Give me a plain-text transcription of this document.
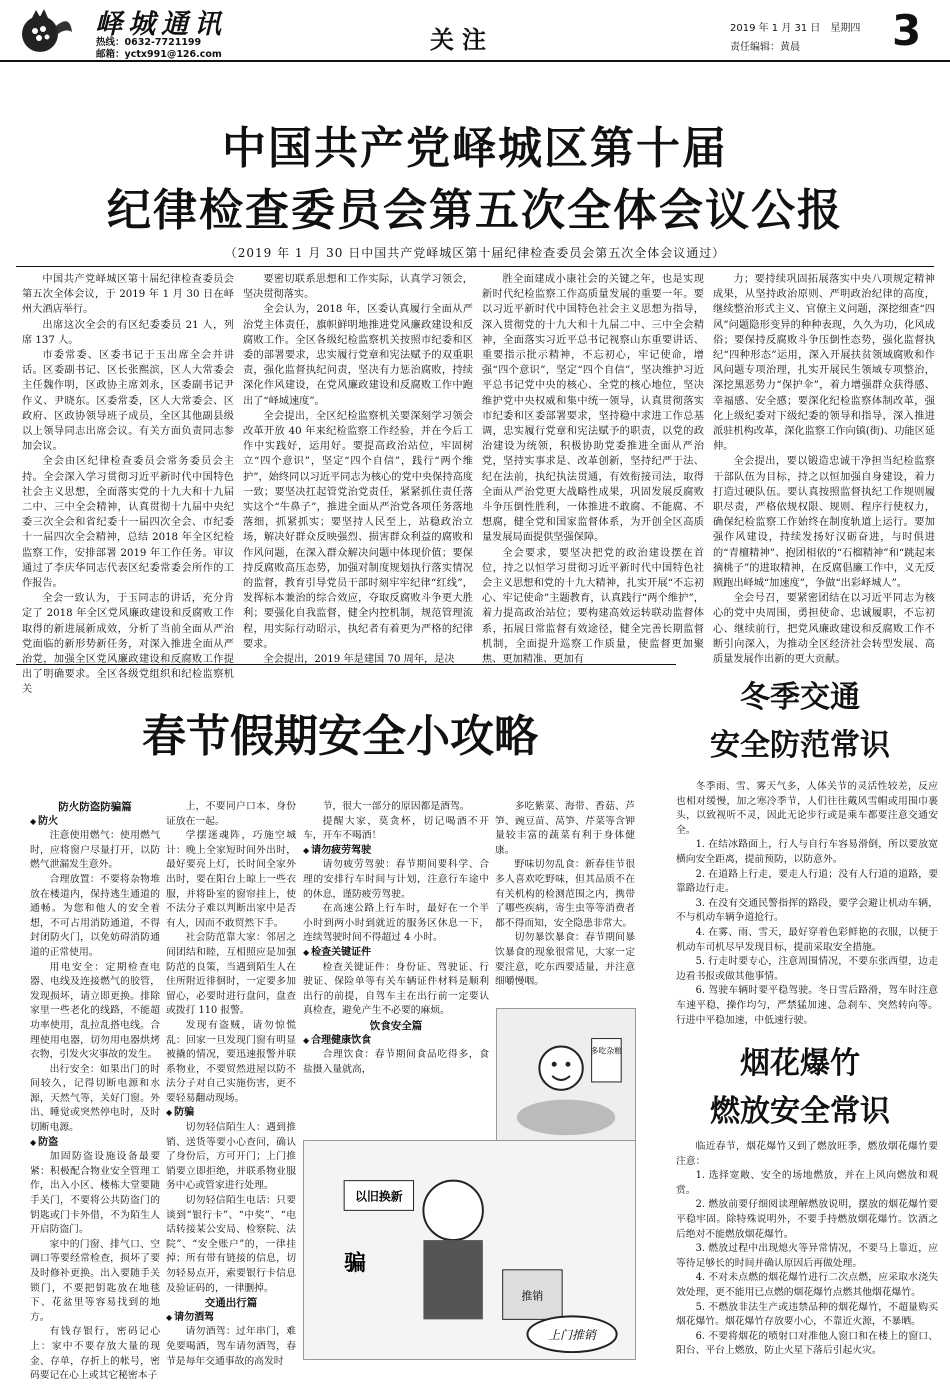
峄城通讯
热线：0632-7721199
邮箱：yctx991@126.com
关注	2019 年 1 月 31 日　星期四
责任编辑：黄晨 3
中国共产党峄城区第十届
纪律检查委员会第五次全体会议公报
（2019 年 1 月 30 日中国共产党峄城区第十届纪律检查委员会第五次全体会议通过）

中国共产党峄城区第十届纪律检查委员会第五次全体会议，于 2019 年 1 月 30 日在峄州大酒店举行。

出席这次全会的有区纪委委员 21 人，列席 137 人。

市委常委、区委书记于玉出席全会并讲话。区委副书记、区长张熙滨，区人大常委会主任魏作明，区政协主席刘永，区委副书记尹作义、尹晓东。区委常委，区人大常委会、区政府、区政协领导班子成员，全区其他副县级以上领导同志出席会议。有关方面负责同志参加会议。

全会由区纪律检查委员会常务委员会主持。全会深入学习贯彻习近平新时代中国特色社会主义思想，全面落实党的十九大和十九届二中、三中全会精神，认真贯彻十九届中央纪委三次全会和省纪委十一届四次全会、市纪委十一届四次全会精神，总结 2018 年全区纪检监察工作，安排部署 2019 年工作任务。审议通过了李庆华同志代表区纪委常委会所作的工作报告。

全会一致认为，于玉同志的讲话，充分肯定了 2018 年全区党风廉政建设和反腐败工作取得的新进展新成效，分析了当前全面从严治党面临的新形势新任务，对深入推进全面从严治党，加强全区党风廉政建设和反腐败工作提出了明确要求。全区各级党组织和纪检监察机关

要密切联系思想和工作实际，认真学习领会，坚决贯彻落实。

全会认为，2018 年，区委认真履行全面从严治党主体责任，旗帜鲜明地推进党风廉政建设和反腐败工作。全区各级纪检监察机关按照市纪委和区委的部署要求，忠实履行党章和宪法赋予的双重职责，强化监督执纪问责，坚决有力惩治腐败，持续深化作风建设，在党风廉政建设和反腐败工作中跑出了“峄城速度”。

全会提出，全区纪检监察机关要深刻学习领会改革开放 40 年来纪检监察工作经验，并在今后工作中实践好，运用好。要提高政治站位，牢固树立“四个意识”，坚定“四个自信”，践行“两个维护”，始终同以习近平同志为核心的党中央保持高度一致；要坚决扛起管党治党责任，紧紧抓住责任落实这个“牛鼻子”，推进全面从严治党各项任务落地落细，抓紧抓实；要坚持人民至上，站稳政治立场，解决好群众反映强烈、损害群众利益的腐败和作风问题，在深入群众解决问题中体现价值；要保持反腐败高压态势，加强对制度规划执行落实情况的监督，教育引导党员干部时刻牢牢纪律“红线”，发挥标本兼治的综合效应，夺取反腐败斗争更大胜利；要强化自我监督，健全内控机制，规范管理流程，用实际行动昭示，执纪者有着更为严格的纪律要求。

全会提出，2019 年是建国 70 周年，是决

胜全面建成小康社会的关键之年，也是实现新时代纪检监察工作高质量发展的重要一年。要以习近平新时代中国特色社会主义思想为指导，深入贯彻党的十九大和十九届二中、三中全会精神，全面落实习近平总书记视察山东重要讲话、重要指示批示精神，不忘初心，牢记使命，增强“四个意识”，坚定“四个自信”，坚决维护习近平总书记党中央的核心、全党的核心地位，坚决维护党中央权威和集中统一领导，认真贯彻落实市纪委和区委部署要求，坚持稳中求进工作总基调，忠实履行党章和宪法赋予的职责，以党的政治建设为统领，积极协助党委推进全面从严治党，坚持实事求是、改革创新，坚持纪严于法、纪在法前，执纪执法贯通，有效衔接司法，取得全面从严治党更大战略性成果，巩固发展反腐败斗争压倒性胜利，一体推进不敢腐、不能腐、不想腐，健全党和国家监督体系，为开创全区高质量发展局面提供坚强保障。

全会要求，要坚决把党的政治建设摆在首位，持之以恒学习贯彻习近平新时代中国特色社会主义思想和党的十九大精神，扎实开展“不忘初心、牢记使命”主题教育，认真践行“两个维护”，着力提高政治站位；要构建高效运转联动监督体系，拓展日常监督有效途径，健全完善长期监督机制，全面提升巡察工作质量，使监督更加聚焦、更加精准、更加有

力；要持续巩固拓展落实中央八项规定精神成果，从坚持政治原则、严明政治纪律的高度，继续整治形式主义、官僚主义问题，深挖细查“四风”问题隐形变异的种种表现，久久为功，化风成俗；要保持反腐败斗争压倒性态势，强化监督执纪“四种形态”运用，深入开展扶贫领域腐败和作风问题专项治理，扎实开展民生领域专项整治，深挖黑恶势力“保护伞”，着力增强群众获得感、幸福感、安全感；要深化纪检监察体制改革，强化上级纪委对下级纪委的领导和指导，深入推进派驻机构改革，深化监察工作向镇(街)、功能区延伸。

全会提出，要以锻造忠诚干净担当纪检监察干部队伍为目标，持之以恒加强自身建设，着力打造过硬队伍。要认真按照监督执纪工作规则履职尽责，严格依规权限、规则、程序行使权力，确保纪检监察工作始终在制度轨道上运行。要加强作风建设，持续发扬好汉砺奋进，与时俱进的“青檀精神”、抱团相依的“石榴精神”和“跳起来摘桃子”的进取精神，在反腐倡廉工作中，义无反顾跑出峄城“加速度”，争做“出彩峄城人”。

全会号召，要紧密团结在以习近平同志为核心的党中央周围，勇担使命、忠诚履职，不忘初心、继续前行，把党风廉政建设和反腐败工作不断引向深入，为推动全区经济社会转型发展、高质量发展作出新的更大贡献。

春节假期安全小攻略

防火防盗防骗篇

◆ 防火

注意使用燃气：使用燃气时，应将窗户尽量打开，以防燃气泄漏发生意外。

合理放置：不要将杂物堆放在楼道内，保持逃生通道的通畅。为您和他人的安全着想，不可占用消防通道，不得封闭防火门，以免妨碍消防通道的正常使用。

用电安全：定期检查电器、电线及连接燃气的胶管，发现损坏，请立即更换。排除家里一些老化的线路，不能超功率使用，乱拉乱搭电线。合理使用电器，切勿用电器烘烤衣物，引发火灾事故的发生。

出行安全：如果出门的时间较久，记得切断电源和水源，天然气等，关好门窗。外出、睡觉或突然停电时，及时切断电源。

◆ 防盗

加固防盗设施设备最要紧：积极配合物业安全管理工作，出入小区、楼栋大堂要随手关门，不要将公共防盗门的钥匙或门卡外借，不为陌生人开启防盗门。

家中的门窗、排气口、空调口等要经常检查，损坏了要及时修补更换。出入要随手关锁门，不要把钥匙放在地毯下、花盆里等容易找到的地方。

有钱存银行，密码记心上：家中不要存放大量的现金、存单，存折上的帐号，密码要记在心上或其它秘密本子

上，不要同户口本、身份证放在一起。

学摆迷魂阵，巧施空城计：晚上全家短时间外出时，最好要亮上灯，长时间全家外出时，要在阳台上晾上一些衣服，并将卧室的窗帘挂上，使不法分子难以判断出家中是否有人，因而不敢贸然下手。

社会防范靠大家：邻居之间团结和睦，互相照应是加强防范的良策，当遇到陌生人在住所附近徘徊时，一定要多加留心，必要时进行盘问，盘查或拨打 110 报警。

发现有盗贼，请勿惊慌乱：回家一旦发现门窗有明显被撬的情况，要迅速报警并联系物业，不要贸然进屋以防不法分子对自己实施伤害，更不要轻易翻动现场。

◆ 防骗

切勿轻信陌生人：遇到推销、送货等要小心查问，确认了身份后，方可开门；上门推销要立即拒绝，并联系物业服务中心或管家进行处理。

切勿轻信陌生电话：只要谈到“银行卡”、“中奖”、“电话转接某公安局、检察院、法院”、“安全账户”的，一律挂掉；所有带有链接的信息，切勿轻易点开，索要银行卡信息及验证码的，一律删掉。

交通出行篇

◆ 请勿酒驾

请勿酒驾：过年串门，难免要喝酒，驾车请勿酒驾，春节是每年交通事故的高发时

节，很大一部分的原因都是酒驾。

提醒大家，莫贪杯，切记喝酒不开车，开车不喝酒！

◆ 请勿疲劳驾驶

请勿疲劳驾驶：春节期间要科学、合理的安排行车时间与计划，注意行车途中的休息，谨防疲劳驾驶。

在高速公路上行车时，最好在一个半小时到两小时到就近的服务区休息一下，连续驾驶时间不得超过 4 小时。

◆ 检查关键证件

检查关键证件：身份证、驾驶证、行驶证、保险单等有关车辆证件材料是顺利出行的前提，自驾车主在出行前一定要认真检查，避免产生不必要的麻烦。

饮食安全篇

◆ 合理健康饮食

合理饮食：春节期间食品吃得多，食盐摄入量就高，

多吃紫菜、海带、香菇、芦笋、豌豆苗、莴笋、芹菜等含钾量较丰富的蔬菜有利于身体健康。

野味切勿乱食：新春佳节很多人喜欢吃野味，但其品质不在有关机构的检测范围之内，携带了哪些疾病，寄生虫等等消费者都不得而知，安全隐患非常大。

切勿暴饮暴食：春节期间暴饮暴食的现象很常见，大家一定要注意，吃东西要适量，并注意细嚼慢咽。

多吃杂粮
以旧换新
骗
推销
上门推销
冬季交通
安全防范常识

冬季雨、雪、雾天气多，人体关节的灵活性较差，反应也相对缓慢，加之寒冷季节，人们往往戴风雪帽或用围巾裹头，以致视听不灵，因此无论步行或是乘车都要注意交通安全。

1. 在结冰路面上，行人与自行车容易滑倒，所以要放宽横向安全距离，提前预防，以防意外。

2. 在道路上行走，要走人行道；没有人行道的道路，要靠路边行走。

3. 在没有交通民警指挥的路段，要学会避让机动车辆，不与机动车辆争道抢行。

4. 在雾、雨、雪天，最好穿着色彩鲜艳的衣服，以便于机动车司机尽早发现目标，提前采取安全措施。

5. 行走时要专心，注意周围情况，不要东张西望，边走边看书报或做其他事情。

6. 驾驶车辆时要平稳驾驶。冬日雪后路滑，驾车时注意车速平稳，操作均匀，严禁猛加速、急刹车、突然转向等。行进中平稳加速，中低速行驶。

烟花爆竹
燃放安全常识

临近春节，烟花爆竹又到了燃放旺季，燃放烟花爆竹要注意：

1. 选择宽敞、安全的场地燃放，并在上风向燃放和观赏。

2. 燃放前要仔细阅读理解燃放说明，摆放的烟花爆竹要平稳牢固。除特殊说明外，不要手持燃放烟花爆竹。饮酒之后绝对不能燃放烟花爆竹。

3. 燃放过程中出现熄火等异常情况，不要马上靠近，应等待足够长的时间并确认原因后再做处理。

4. 不对未点燃的烟花爆竹进行二次点燃，应采取水浇失效处理，更不能用已点燃的烟花爆竹点燃其他烟花爆竹。

5. 不燃放非法生产或违禁品种的烟花爆竹，不超量购买烟花爆竹。烟花爆竹存放要小心，不靠近火源，不暴晒。

6. 不要将烟花的喷射口对准他人窗口和在楼上的窗口、阳台、平台上燃放，防止火星下落后引起火灾。
